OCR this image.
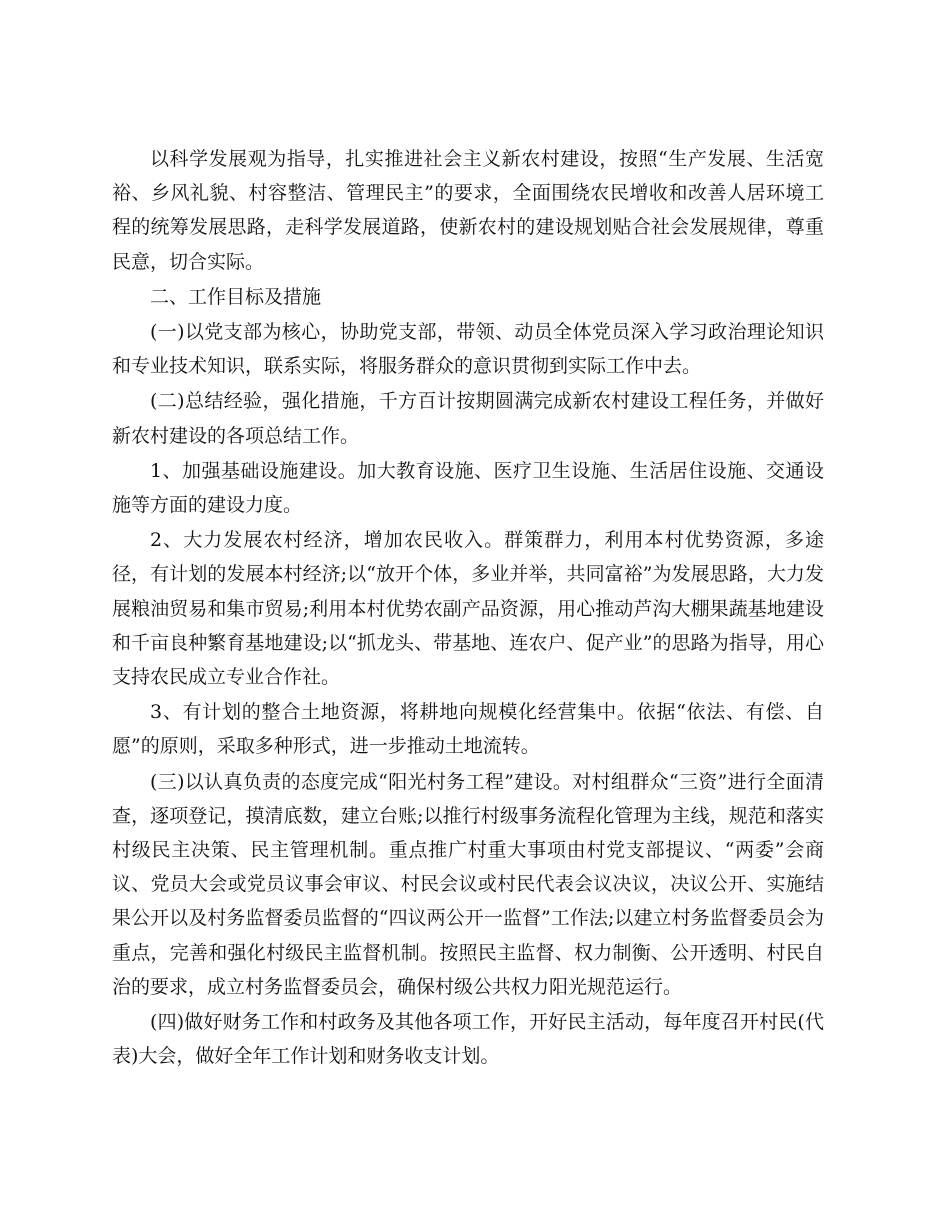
以科学发展观为指导，扎实推进社会主义新农村建设，按照“生产发展、生活宽裕、乡风礼貌、村容整洁、管理民主”的要求，全面围绕农民增收和改善人居环境工程的统筹发展思路，走科学发展道路，使新农村的建设规划贴合社会发展规律，尊重民意，切合实际。

二、工作目标及措施

(一)以党支部为核心，协助党支部，带领、动员全体党员深入学习政治理论知识和专业技术知识，联系实际，将服务群众的意识贯彻到实际工作中去。

(二)总结经验，强化措施，千方百计按期圆满完成新农村建设工程任务，并做好新农村建设的各项总结工作。

1、加强基础设施建设。加大教育设施、医疗卫生设施、生活居住设施、交通设施等方面的建设力度。

2、大力发展农村经济，增加农民收入。群策群力，利用本村优势资源，多途径，有计划的发展本村经济;以“放开个体，多业并举，共同富裕”为发展思路，大力发展粮油贸易和集市贸易;利用本村优势农副产品资源，用心推动芦沟大棚果蔬基地建设和千亩良种繁育基地建设;以“抓龙头、带基地、连农户、促产业”的思路为指导，用心支持农民成立专业合作社。

3、有计划的整合土地资源，将耕地向规模化经营集中。依据“依法、有偿、自愿”的原则，采取多种形式，进一步推动土地流转。

(三)以认真负责的态度完成“阳光村务工程”建设。对村组群众“三资”进行全面清查，逐项登记，摸清底数，建立台账;以推行村级事务流程化管理为主线，规范和落实村级民主决策、民主管理机制。重点推广村重大事项由村党支部提议、“两委”会商议、党员大会或党员议事会审议、村民会议或村民代表会议决议，决议公开、实施结果公开以及村务监督委员监督的“四议两公开一监督”工作法;以建立村务监督委员会为重点，完善和强化村级民主监督机制。按照民主监督、权力制衡、公开透明、村民自治的要求，成立村务监督委员会，确保村级公共权力阳光规范运行。

(四)做好财务工作和村政务及其他各项工作，开好民主活动，每年度召开村民(代表)大会，做好全年工作计划和财务收支计划。
